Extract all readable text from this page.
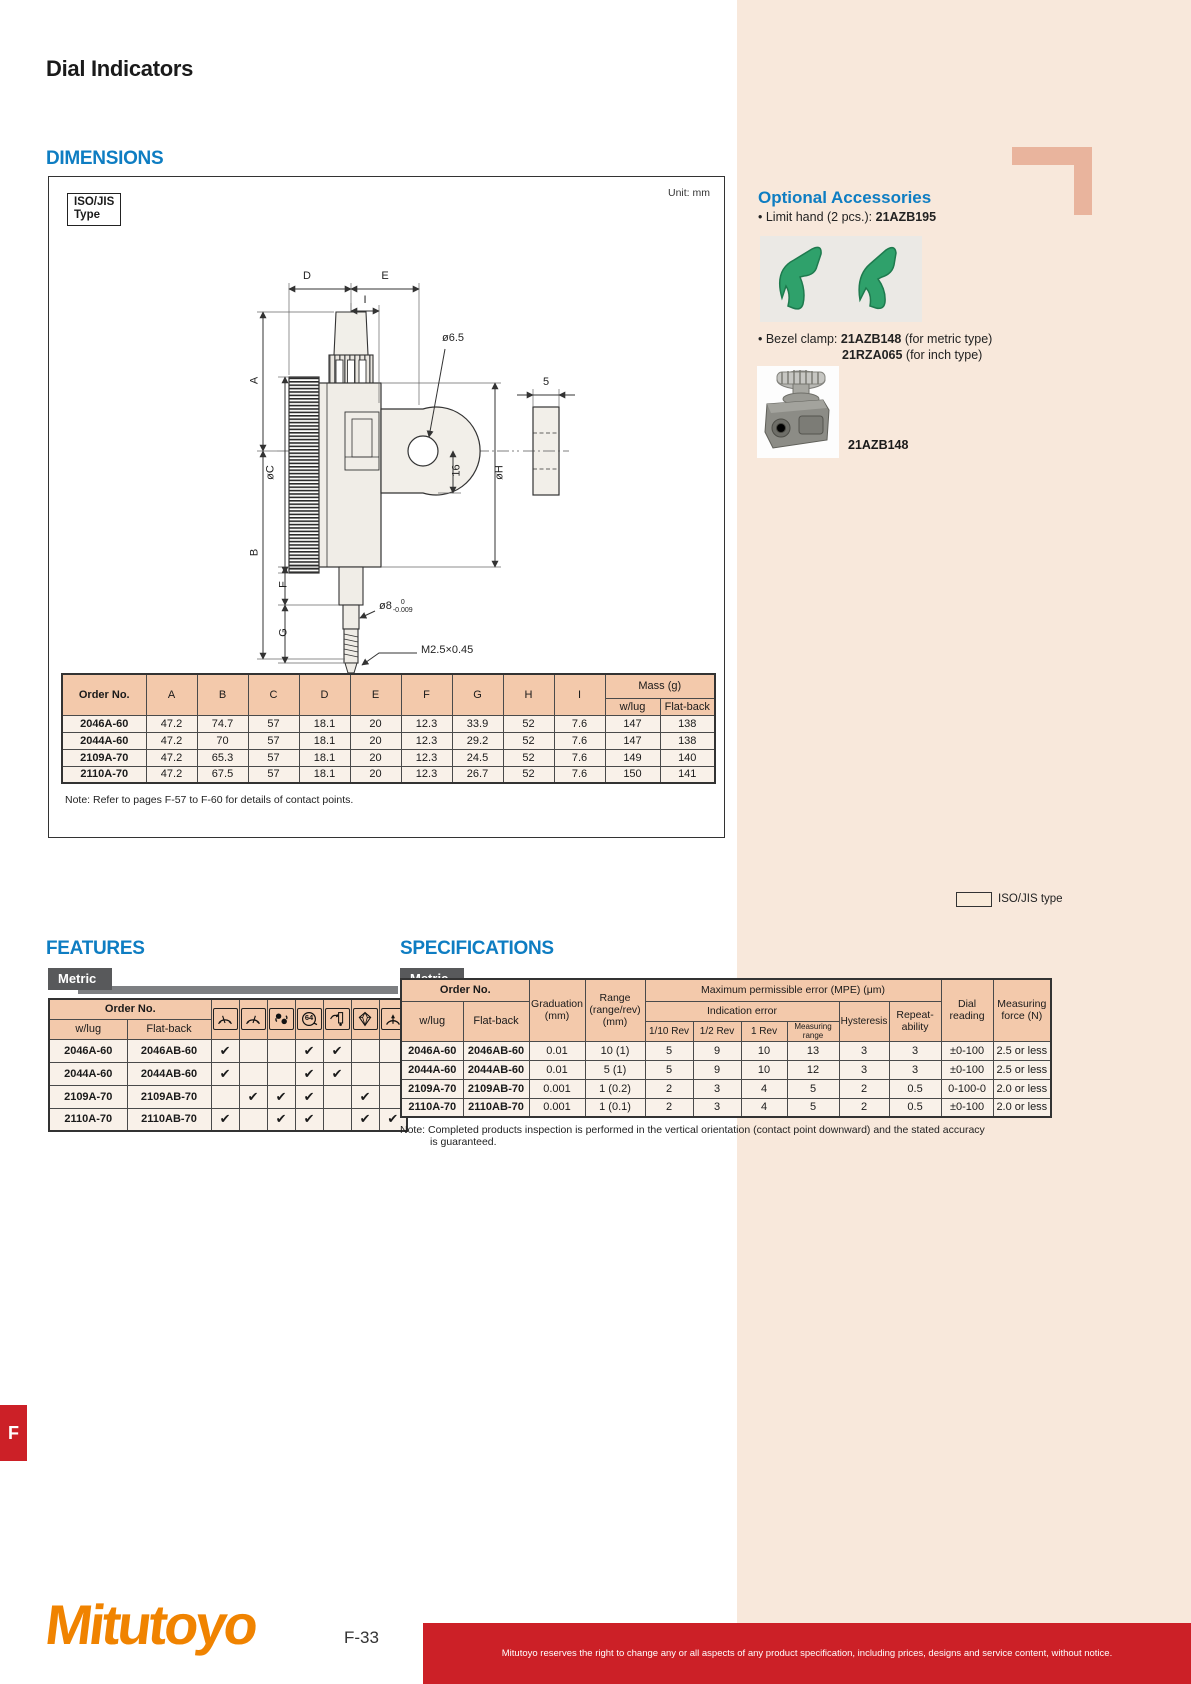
Dial Indicators
DIMENSIONS
ISO/JIS
Type
Unit: mm
D	E
I
A
B
øC
F
G
øH
16
ø6.5
5
ø8	0
-0.009
M2.5×0.45
Order No.	A	B	C	D	E	F	G	H	I	Mass (g)	
										w/lug	Flat-back
2046A-60	47.2	74.7	57	18.1	20	12.3	33.9	52	7.6	147	138
2044A-60	47.2	70	57	18.1	20	12.3	29.2	52	7.6	147	138
2109A-70	47.2	65.3	57	18.1	20	12.3	24.5	52	7.6	149	140
2110A-70	47.2	67.5	57	18.1	20	12.3	26.7	52	7.6	150	141
Note: Refer to pages F-57 to F-60 for details of contact points.
Optional Accessories
• Limit hand (2 pcs.): 21AZB195
• Bezel clamp: 21AZB148 (for metric type)
21RZA065 (for inch type)
21AZB148
FEATURES
Metric
Order No.					64

w/lug	Flat-back							
2046A-60	2046AB-60	✔			✔	✔		
2044A-60	2044AB-60	✔			✔	✔		
2109A-70	2109AB-70		✔	✔	✔		✔	
2110A-70	2110AB-70	✔		✔	✔		✔	✔
SPECIFICATIONS
ISO/JIS type
Order No.		Graduation (mm)	Range (range/rev) (mm)	Maximum permissible error (MPE) (μm)						Dial reading	Measuring force (N)
w/lug	Flat-back			Indication error				Hysteresis	Repeat-ability		
				1/10 Rev	1/2 Rev	1 Rev	Measuring range				
2046A-60	2046AB-60	0.01	10 (1)	5	9	10	13	3	3	±0-100	2.5 or less
2044A-60	2044AB-60	0.01	5 (1)	5	9	10	12	3	3	±0-100	2.5 or less
2109A-70	2109AB-70	0.001	1 (0.2)	2	3	4	5	2	0.5	0-100-0	2.0 or less
2110A-70	2110AB-70	0.001	1 (0.1)	2	3	4	5	2	0.5	±0-100	2.0 or less
Note: Completed products inspection is performed in the vertical orientation (contact point downward) and the stated accuracy
is guaranteed.
F
Mitutoyo	F-33
Mitutoyo reserves the right to change any or all aspects of any product specification, including prices, designs and service content, without notice.
